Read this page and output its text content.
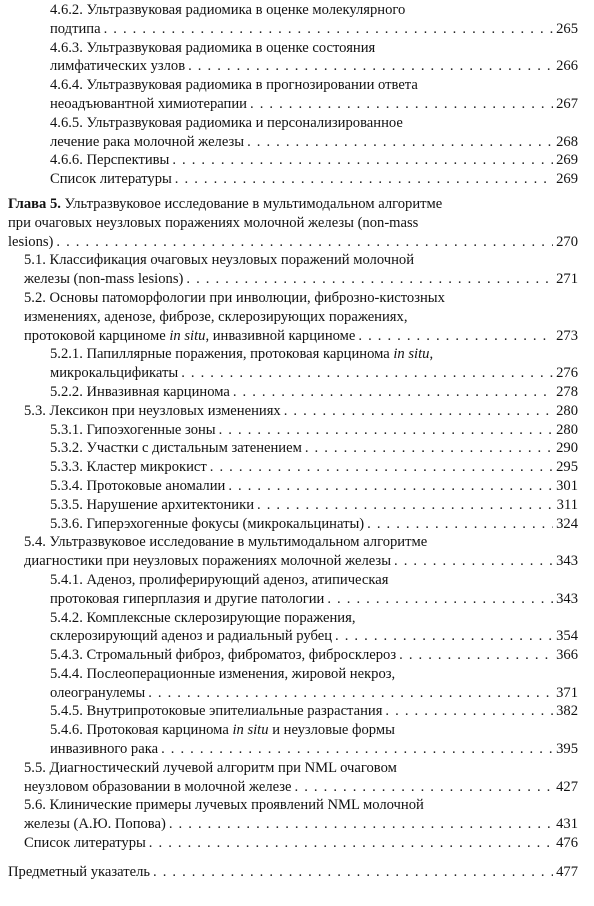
4.6.2. Ультразвуковая радиомика в оценке молекулярного
подтипа . . .	265
4.6.3. Ультразвуковая радиомика в оценке состояния
лимфатических узлов . . .	266
4.6.4. Ультразвуковая радиомика в прогнозировании ответа
неоадъювантной химиотерапии . . .	267
4.6.5. Ультразвуковая радиомика и персонализированное
лечение рака молочной железы . . .	268
4.6.6. Перспективы . . .	269
Список литературы . . .	269
Глава 5. Ультразвуковое исследование в мультимодальном алгоритме
при очаговых неузловых поражениях молочной железы (non-mass
lesions) . . .	270
5.1. Классификация очаговых неузловых поражений молочной
железы (non-mass lesions) . . .	271
5.2. Основы патоморфологии при инволюции, фиброзно-кистозных
изменениях, аденозе, фиброзе, склерозирующих поражениях,
протоковой карциноме in situ, инвазивной карциноме . . .	273
5.2.1. Папиллярные поражения, протоковая карцинома in situ,
микрокальцификаты . . .	276
5.2.2. Инвазивная карцинома . . .	278
5.3. Лексикон при неузловых изменениях . . .	280
5.3.1. Гипоэхогенные зоны . . .	280
5.3.2. Участки с дистальным затенением . . .	290
5.3.3. Кластер микрокист . . .	295
5.3.4. Протоковые аномалии . . .	301
5.3.5. Нарушение архитектоники . . .	311
5.3.6. Гиперэхогенные фокусы (микрокальцинаты) . . .	324
5.4. Ультразвуковое исследование в мультимодальном алгоритме
диагностики при неузловых поражениях молочной железы . . .	343
5.4.1. Аденоз, пролиферирующий аденоз, атипическая
протоковая гиперплазия и другие патологии . . .	343
5.4.2. Комплексные склерозирующие поражения,
склерозирующий аденоз и радиальный рубец . . .	354
5.4.3. Стромальный фиброз, фиброматоз, фибросклероз . . .	366
5.4.4. Послеоперационные изменения, жировой некроз,
олеогранулемы . . .	371
5.4.5. Внутрипротоковые эпителиальные разрастания . . .	382
5.4.6. Протоковая карцинома in situ и неузловые формы
инвазивного рака . . .	395
5.5. Диагностический лучевой алгоритм при NML очаговом
неузловом образовании в молочной железе . . .	427
5.6. Клинические примеры лучевых проявлений NML молочной
железы (А.Ю. Попова) . . .	431
Список литературы . . .	476
Предметный указатель . . .	477
